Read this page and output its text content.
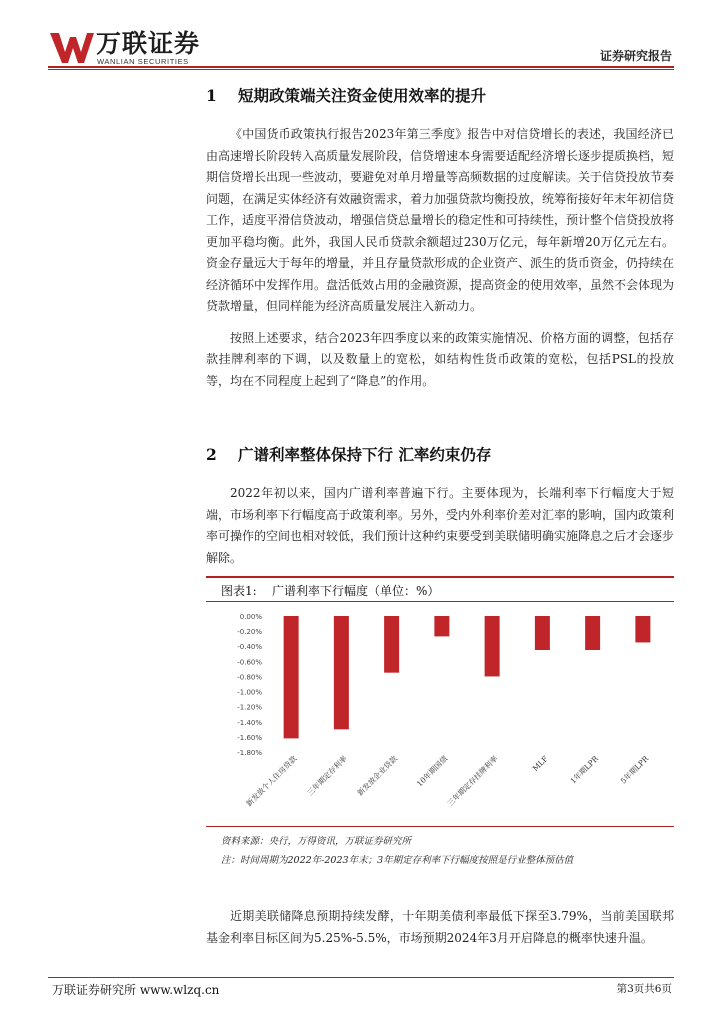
万联证券
WANLIAN SECURITIES	证券研究报告
1 短期政策端关注资金使用效率的提升

《中国货币政策执行报告2023年第三季度》报告中对信贷增长的表述，我国经济已由高速增长阶段转入高质量发展阶段，信贷增速本身需要适配经济增长逐步提质换档，短期信贷增长出现一些波动，要避免对单月增量等高频数据的过度解读。关于信贷投放节奏问题，在满足实体经济有效融资需求，着力加强贷款均衡投放，统筹衔接好年末年初信贷工作，适度平滑信贷波动，增强信贷总量增长的稳定性和可持续性，预计整个信贷投放将更加平稳均衡。此外，我国人民币贷款余额超过230万亿元，每年新增20万亿元左右。资金存量远大于每年的增量，并且存量贷款形成的企业资产、派生的货币资金，仍持续在经济循环中发挥作用。盘活低效占用的金融资源，提高资金的使用效率，虽然不会体现为贷款增量，但同样能为经济高质量发展注入新动力。

按照上述要求，结合2023年四季度以来的政策实施情况、价格方面的调整，包括存款挂牌利率的下调，以及数量上的宽松，如结构性货币政策的宽松，包括PSL的投放等，均在不同程度上起到了“降息”的作用。

2 广谱利率整体保持下行 汇率约束仍存

2022年初以来，国内广谱利率普遍下行。主要体现为，长端利率下行幅度大于短端，市场利率下行幅度高于政策利率。另外，受内外利率价差对汇率的影响，国内政策利率可操作的空间也相对较低，我们预计这种约束要受到美联储明确实施降息之后才会逐步解除。

图表1: 广谱利率下行幅度（单位：%）
0.00%
-0.20%
-0.40%
-0.60%
-0.80%
-1.00%
-1.20%
-1.40%
-1.60%
-1.80%
新发放个人住房贷款 三年期定存利率 新发放企业贷款 10年期国债
三年期定存挂牌利率	MLF	1年期LPR	5年期LPR
资料来源：央行，万得资讯，万联证券研究所
注：时间周期为2022年-2023年末；3年期定存利率下行幅度按照是行业整体预估值

近期美联储降息预期持续发酵，十年期美债利率最低下探至3.79%，当前美国联邦基金利率目标区间为5.25%-5.5%，市场预期2024年3月开启降息的概率快速升温。

万联证券研究所 www.wlzq.cn	第3页共6页
